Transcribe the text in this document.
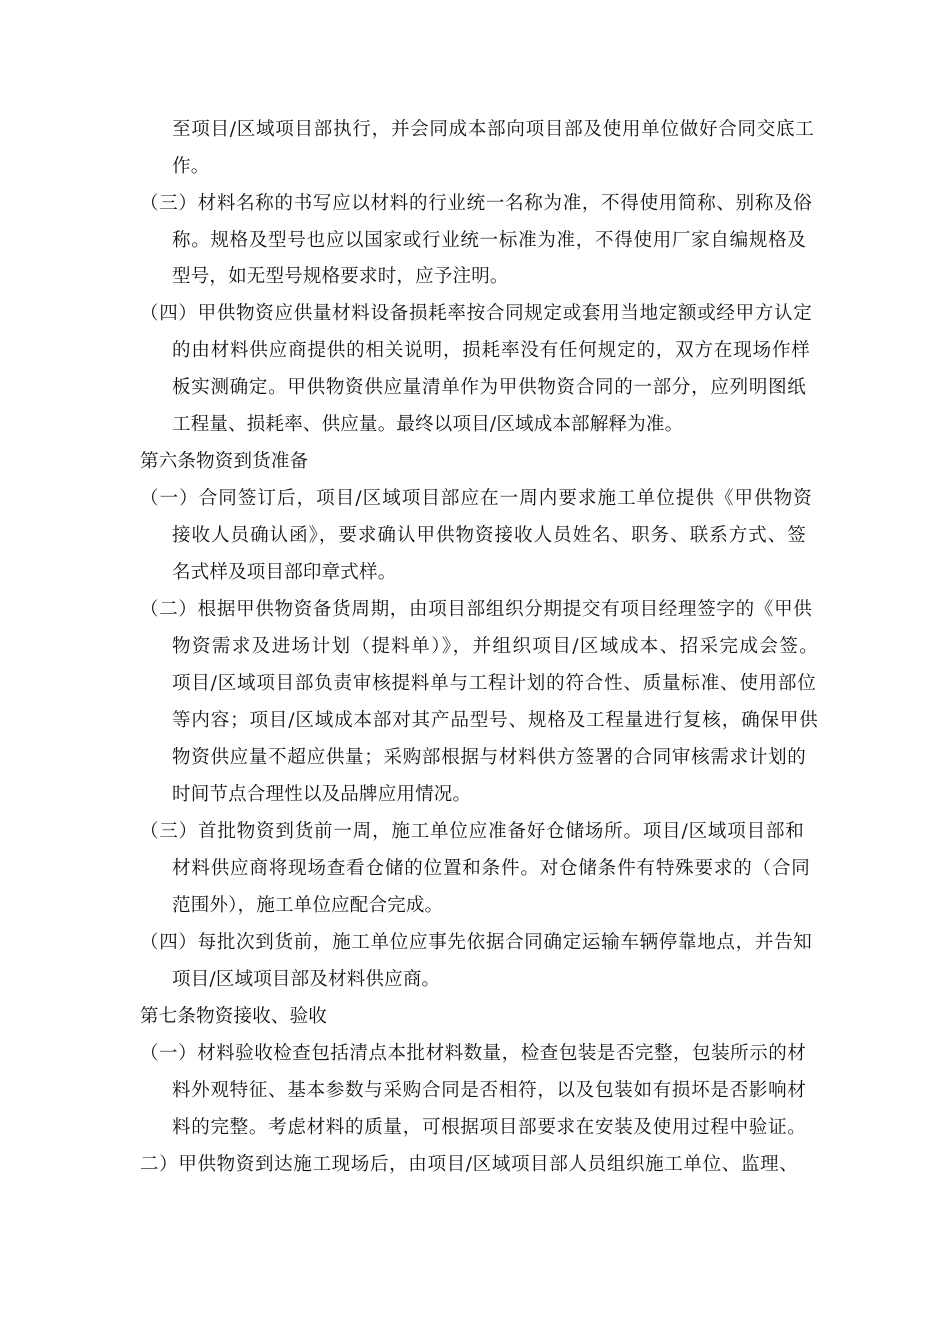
至项目/区域项目部执行，并会同成本部向项目部及使用单位做好合同交底工
作。
（三）材料名称的书写应以材料的行业统一名称为准，不得使用简称、别称及俗
称。规格及型号也应以国家或行业统一标准为准，不得使用厂家自编规格及
型号，如无型号规格要求时，应予注明。
（四）甲供物资应供量材料设备损耗率按合同规定或套用当地定额或经甲方认定
的由材料供应商提供的相关说明，损耗率没有任何规定的，双方在现场作样
板实测确定。甲供物资供应量清单作为甲供物资合同的一部分，应列明图纸
工程量、损耗率、供应量。最终以项目/区域成本部解释为准。
第六条物资到货准备
（一）合同签订后，项目/区域项目部应在一周内要求施工单位提供《甲供物资
接收人员确认函》，要求确认甲供物资接收人员姓名、职务、联系方式、签
名式样及项目部印章式样。
（二）根据甲供物资备货周期，由项目部组织分期提交有项目经理签字的《甲供
物资需求及进场计划（提料单）》，并组织项目/区域成本、招采完成会签。
项目/区域项目部负责审核提料单与工程计划的符合性、质量标准、使用部位
等内容；项目/区域成本部对其产品型号、规格及工程量进行复核，确保甲供
物资供应量不超应供量；采购部根据与材料供方签署的合同审核需求计划的
时间节点合理性以及品牌应用情况。
（三）首批物资到货前一周，施工单位应准备好仓储场所。项目/区域项目部和
材料供应商将现场查看仓储的位置和条件。对仓储条件有特殊要求的（合同
范围外），施工单位应配合完成。
（四）每批次到货前，施工单位应事先依据合同确定运输车辆停靠地点，并告知
项目/区域项目部及材料供应商。
第七条物资接收、验收
（一）材料验收检查包括清点本批材料数量，检查包装是否完整，包装所示的材
料外观特征、基本参数与采购合同是否相符，以及包装如有损坏是否影响材
料的完整。考虑材料的质量，可根据项目部要求在安装及使用过程中验证。
二）甲供物资到达施工现场后，由项目/区域项目部人员组织施工单位、监理、
